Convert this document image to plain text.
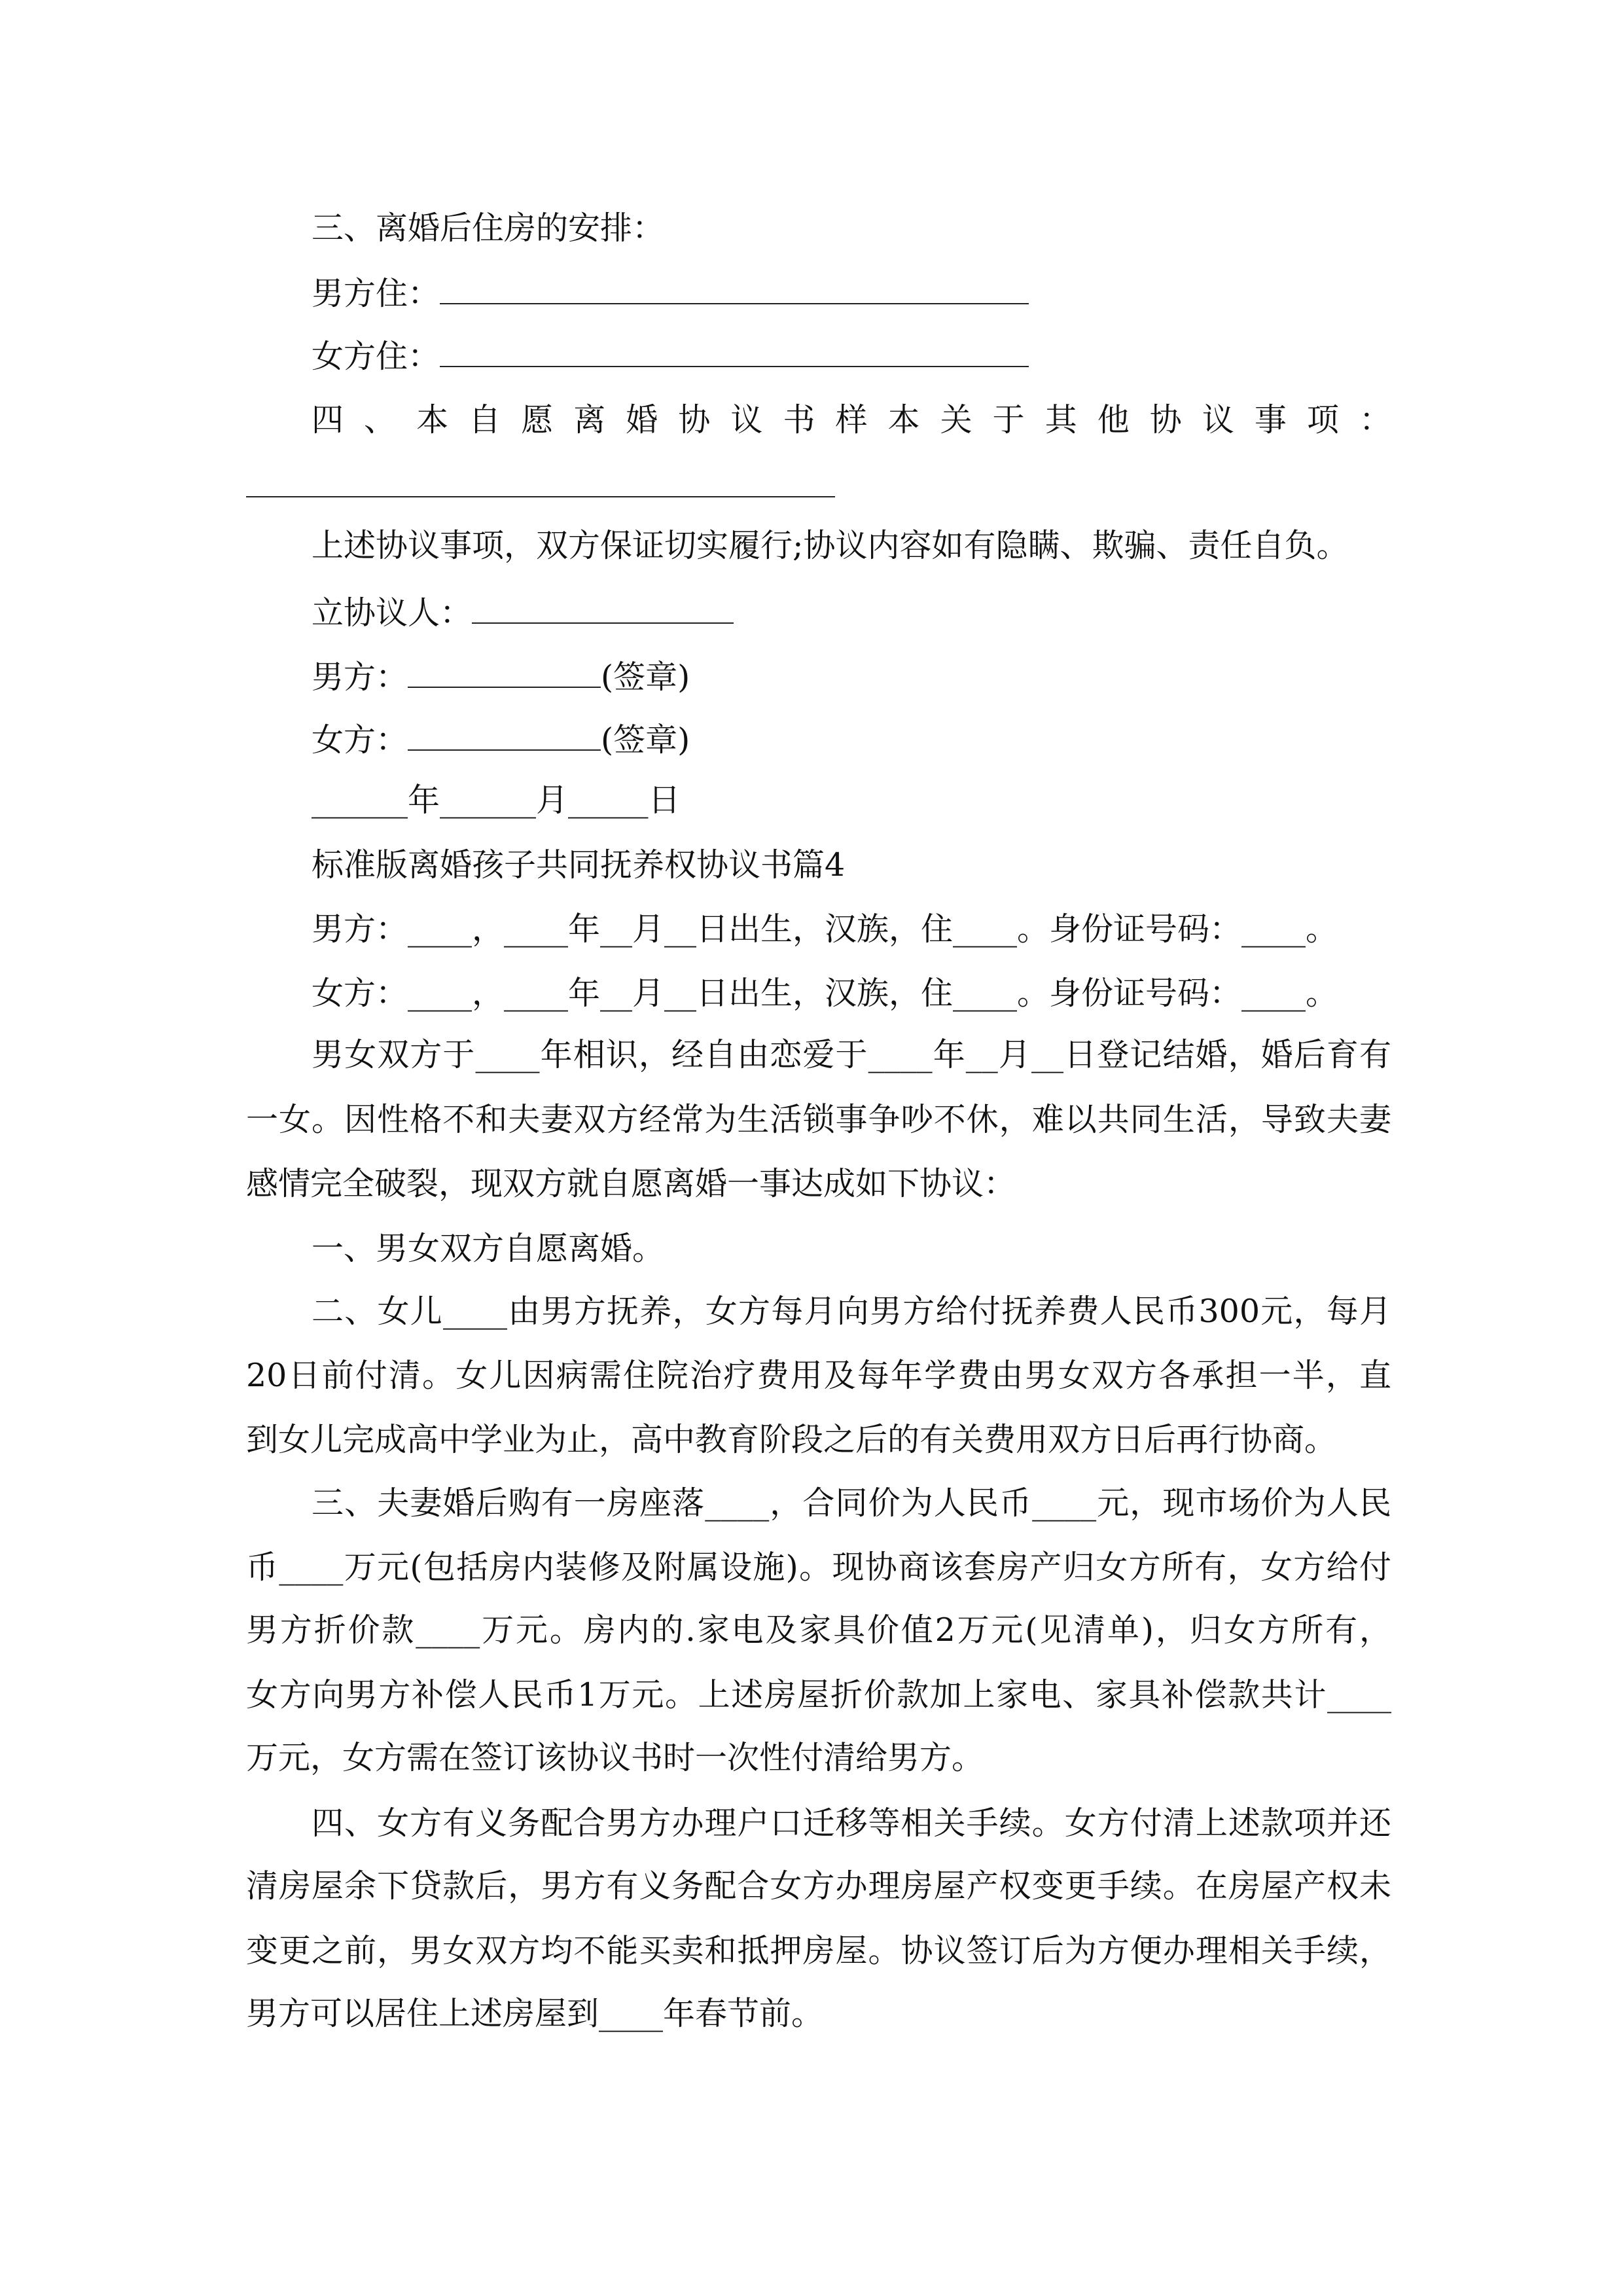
三、离婚后住房的安排：
男方住：
女方住：
四、本自愿离婚协议书样本关于其他协议事项：
上述协议事项，双方保证切实履行;协议内容如有隐瞒、欺骗、责任自负。
立协议人：
男方：	(签章)
女方：	(签章)
______年______月_____日
标准版离婚孩子共同抚养权协议书篇4
男方：____，____年__月__日出生，汉族，住____。身份证号码：____。
女方：____，____年__月__日出生，汉族，住____。身份证号码：____。
男女双方于____年相识，经自由恋爱于____年__月__日登记结婚，婚后育有
一女。因性格不和夫妻双方经常为生活锁事争吵不休，难以共同生活，导致夫妻
感情完全破裂，现双方就自愿离婚一事达成如下协议：
一、男女双方自愿离婚。
二、女儿____由男方抚养，女方每月向男方给付抚养费人民币300元，每月
20日前付清。女儿因病需住院治疗费用及每年学费由男女双方各承担一半，直
到女儿完成高中学业为止，高中教育阶段之后的有关费用双方日后再行协商。
三、夫妻婚后购有一房座落____，合同价为人民币____元，现市场价为人民
币____万元(包括房内装修及附属设施)。现协商该套房产归女方所有，女方给付
男方折价款____万元。房内的.家电及家具价值2万元(见清单)，归女方所有，
女方向男方补偿人民币1万元。上述房屋折价款加上家电、家具补偿款共计____
万元，女方需在签订该协议书时一次性付清给男方。
四、女方有义务配合男方办理户口迁移等相关手续。女方付清上述款项并还
清房屋余下贷款后，男方有义务配合女方办理房屋产权变更手续。在房屋产权未
变更之前，男女双方均不能买卖和抵押房屋。协议签订后为方便办理相关手续，
男方可以居住上述房屋到____年春节前。
